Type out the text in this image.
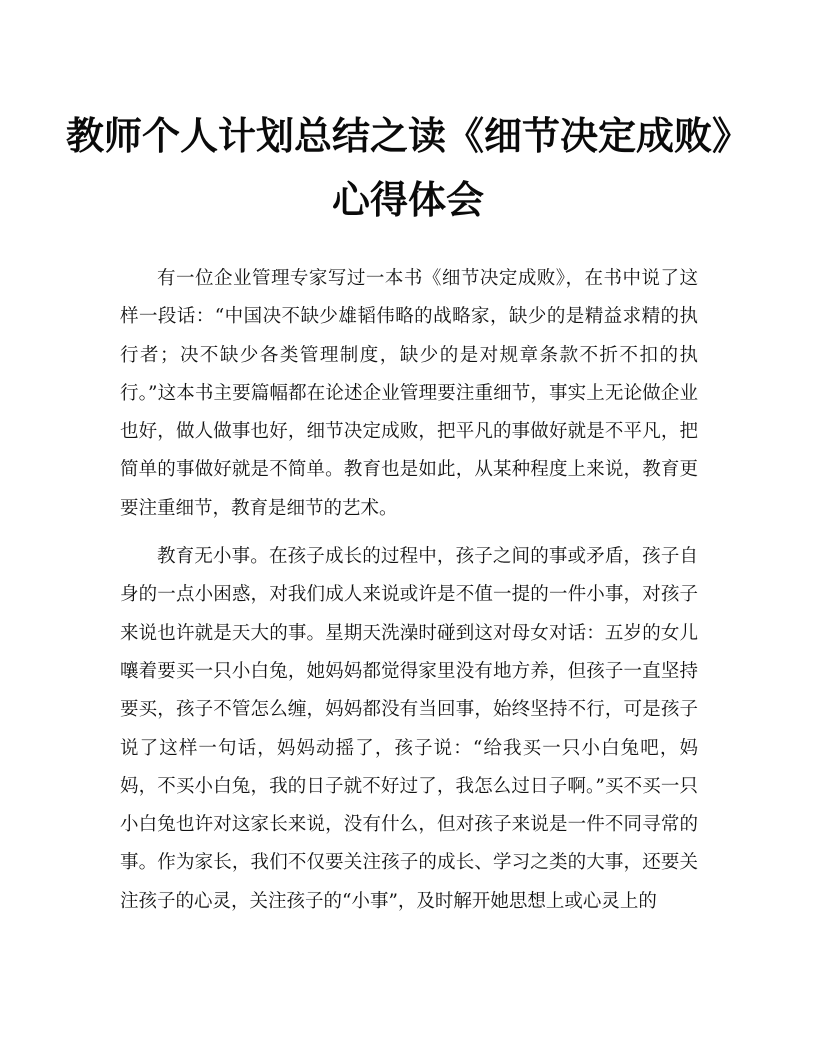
教师个人计划总结之读《细节决定成败》
心得体会

有一位企业管理专家写过一本书《细节决定成败》，在书中说了这样一段话：“中国决不缺少雄韬伟略的战略家，缺少的是精益求精的执行者；决不缺少各类管理制度，缺少的是对规章条款不折不扣的执行。”这本书主要篇幅都在论述企业管理要注重细节，事实上无论做企业也好，做人做事也好，细节决定成败，把平凡的事做好就是不平凡，把简单的事做好就是不简单。教育也是如此，从某种程度上来说，教育更要注重细节，教育是细节的艺术。

教育无小事。在孩子成长的过程中，孩子之间的事或矛盾，孩子自身的一点小困惑，对我们成人来说或许是不值一提的一件小事，对孩子来说也许就是天大的事。星期天洗澡时碰到这对母女对话：五岁的女儿嚷着要买一只小白兔，她妈妈都觉得家里没有地方养，但孩子一直坚持要买，孩子不管怎么缠，妈妈都没有当回事，始终坚持不行，可是孩子说了这样一句话，妈妈动摇了，孩子说：“给我买一只小白兔吧，妈妈，不买小白兔，我的日子就不好过了，我怎么过日子啊。”买不买一只小白兔也许对这家长来说，没有什么，但对孩子来说是一件不同寻常的事。作为家长，我们不仅要关注孩子的成长、学习之类的大事，还要关注孩子的心灵，关注孩子的“小事”，及时解开她思想上或心灵上的
